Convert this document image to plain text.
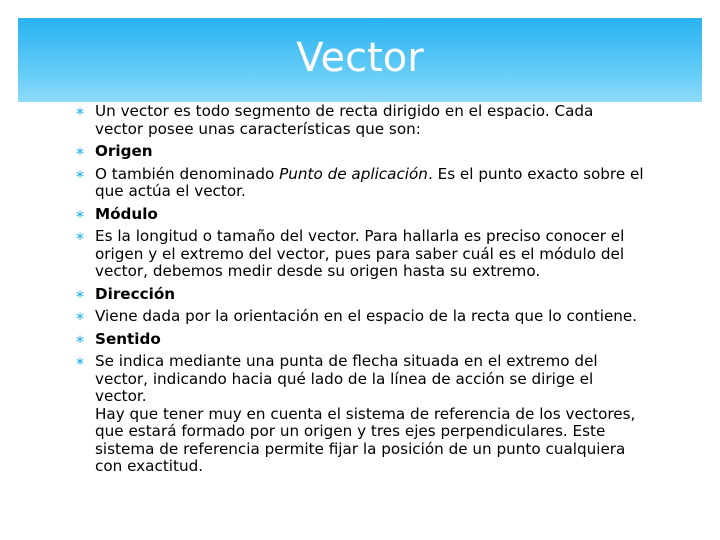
Vector
∗ Un vector es todo segmento de recta dirigido en el espacio. Cada vector posee unas características que son:
∗ Origen
∗ O también denominado Punto de aplicación. Es el punto exacto sobre el que actúa el vector.
∗ Módulo
∗ Es la longitud o tamaño del vector. Para hallarla es preciso conocer el origen y el extremo del vector, pues para saber cuál es el módulo del vector, debemos medir desde su origen hasta su extremo.
∗ Dirección
∗ Viene dada por la orientación en el espacio de la recta que lo contiene.
∗ Sentido
∗ Se indica mediante una punta de flecha situada en el extremo del vector, indicando hacia qué lado de la línea de acción se dirige el vector.
Hay que tener muy en cuenta el sistema de referencia de los vectores, que estará formado por un origen y tres ejes perpendiculares. Este sistema de referencia permite fijar la posición de un punto cualquiera con exactitud.
